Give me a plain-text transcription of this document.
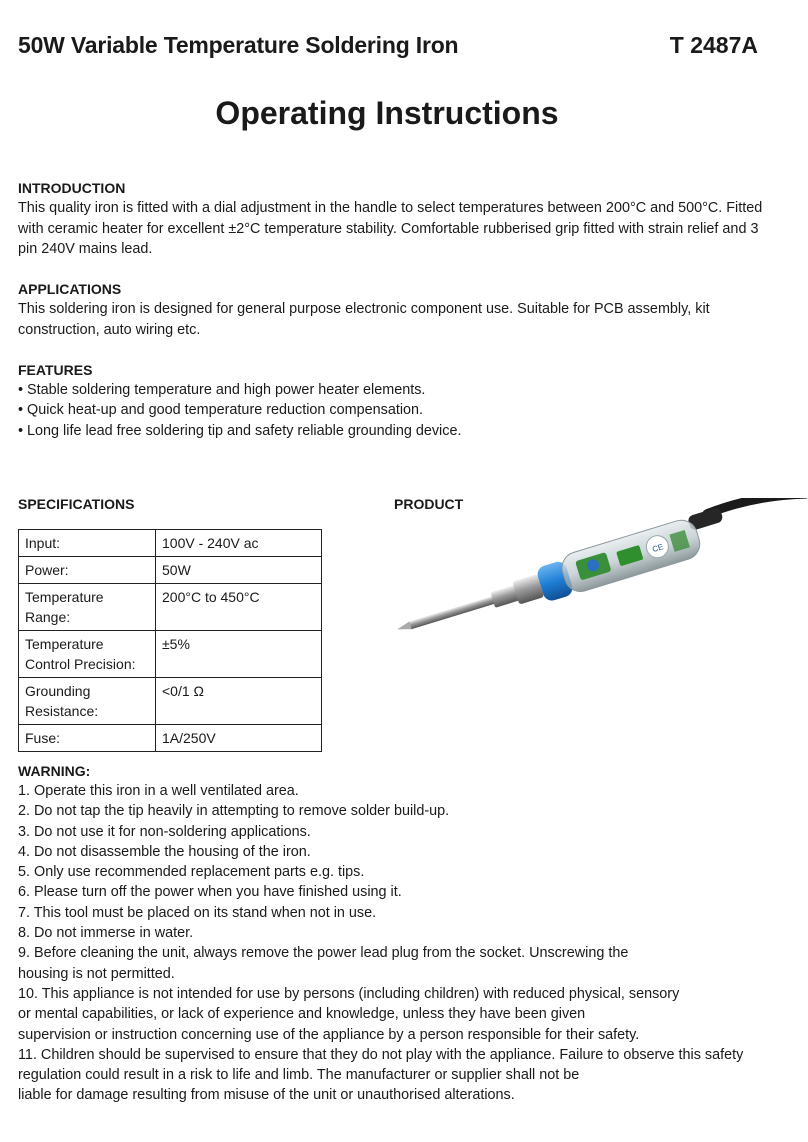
50W Variable Temperature Soldering Iron	T 2487A
Operating Instructions
INTRODUCTION
This quality iron is fitted with a dial adjustment in the handle to select temperatures between 200°C and 500°C. Fitted
with ceramic heater for excellent ±2°C temperature stability. Comfortable rubberised grip fitted with strain relief and 3
pin 240V mains lead.
APPLICATIONS
This soldering iron is designed for general purpose electronic component use. Suitable for PCB assembly, kit
construction, auto wiring etc.
FEATURES
• Stable soldering temperature and high power heater elements.
• Quick heat-up and good temperature reduction compensation.
• Long life lead free soldering tip and safety reliable grounding device.
SPECIFICATIONS
Input:	100V - 240V ac
Power:	50W
Temperature Range:	200°C to 450°C
Temperature Control Precision:	±5%
Grounding Resistance:	<0/1 Ω
Fuse:	1A/250V
PRODUCT
CE
WARNING:
1. Operate this iron in a well ventilated area.
2. Do not tap the tip heavily in attempting to remove solder build-up.
3. Do not use it for non-soldering applications.
4. Do not disassemble the housing of the iron.
5. Only use recommended replacement parts e.g. tips.
6. Please turn off the power when you have finished using it.
7. This tool must be placed on its stand when not in use.
8. Do not immerse in water.
9. Before cleaning the unit, always remove the power lead plug from the socket. Unscrewing the
housing is not permitted.
10. This appliance is not intended for use by persons (including children) with reduced physical, sensory
or mental capabilities, or lack of experience and knowledge, unless they have been given
supervision or instruction concerning use of the appliance by a person responsible for their safety.
11. Children should be supervised to ensure that they do not play with the appliance. Failure to observe this safety
regulation could result in a risk to life and limb. The manufacturer or supplier shall not be
liable for damage resulting from misuse of the unit or unauthorised alterations.
